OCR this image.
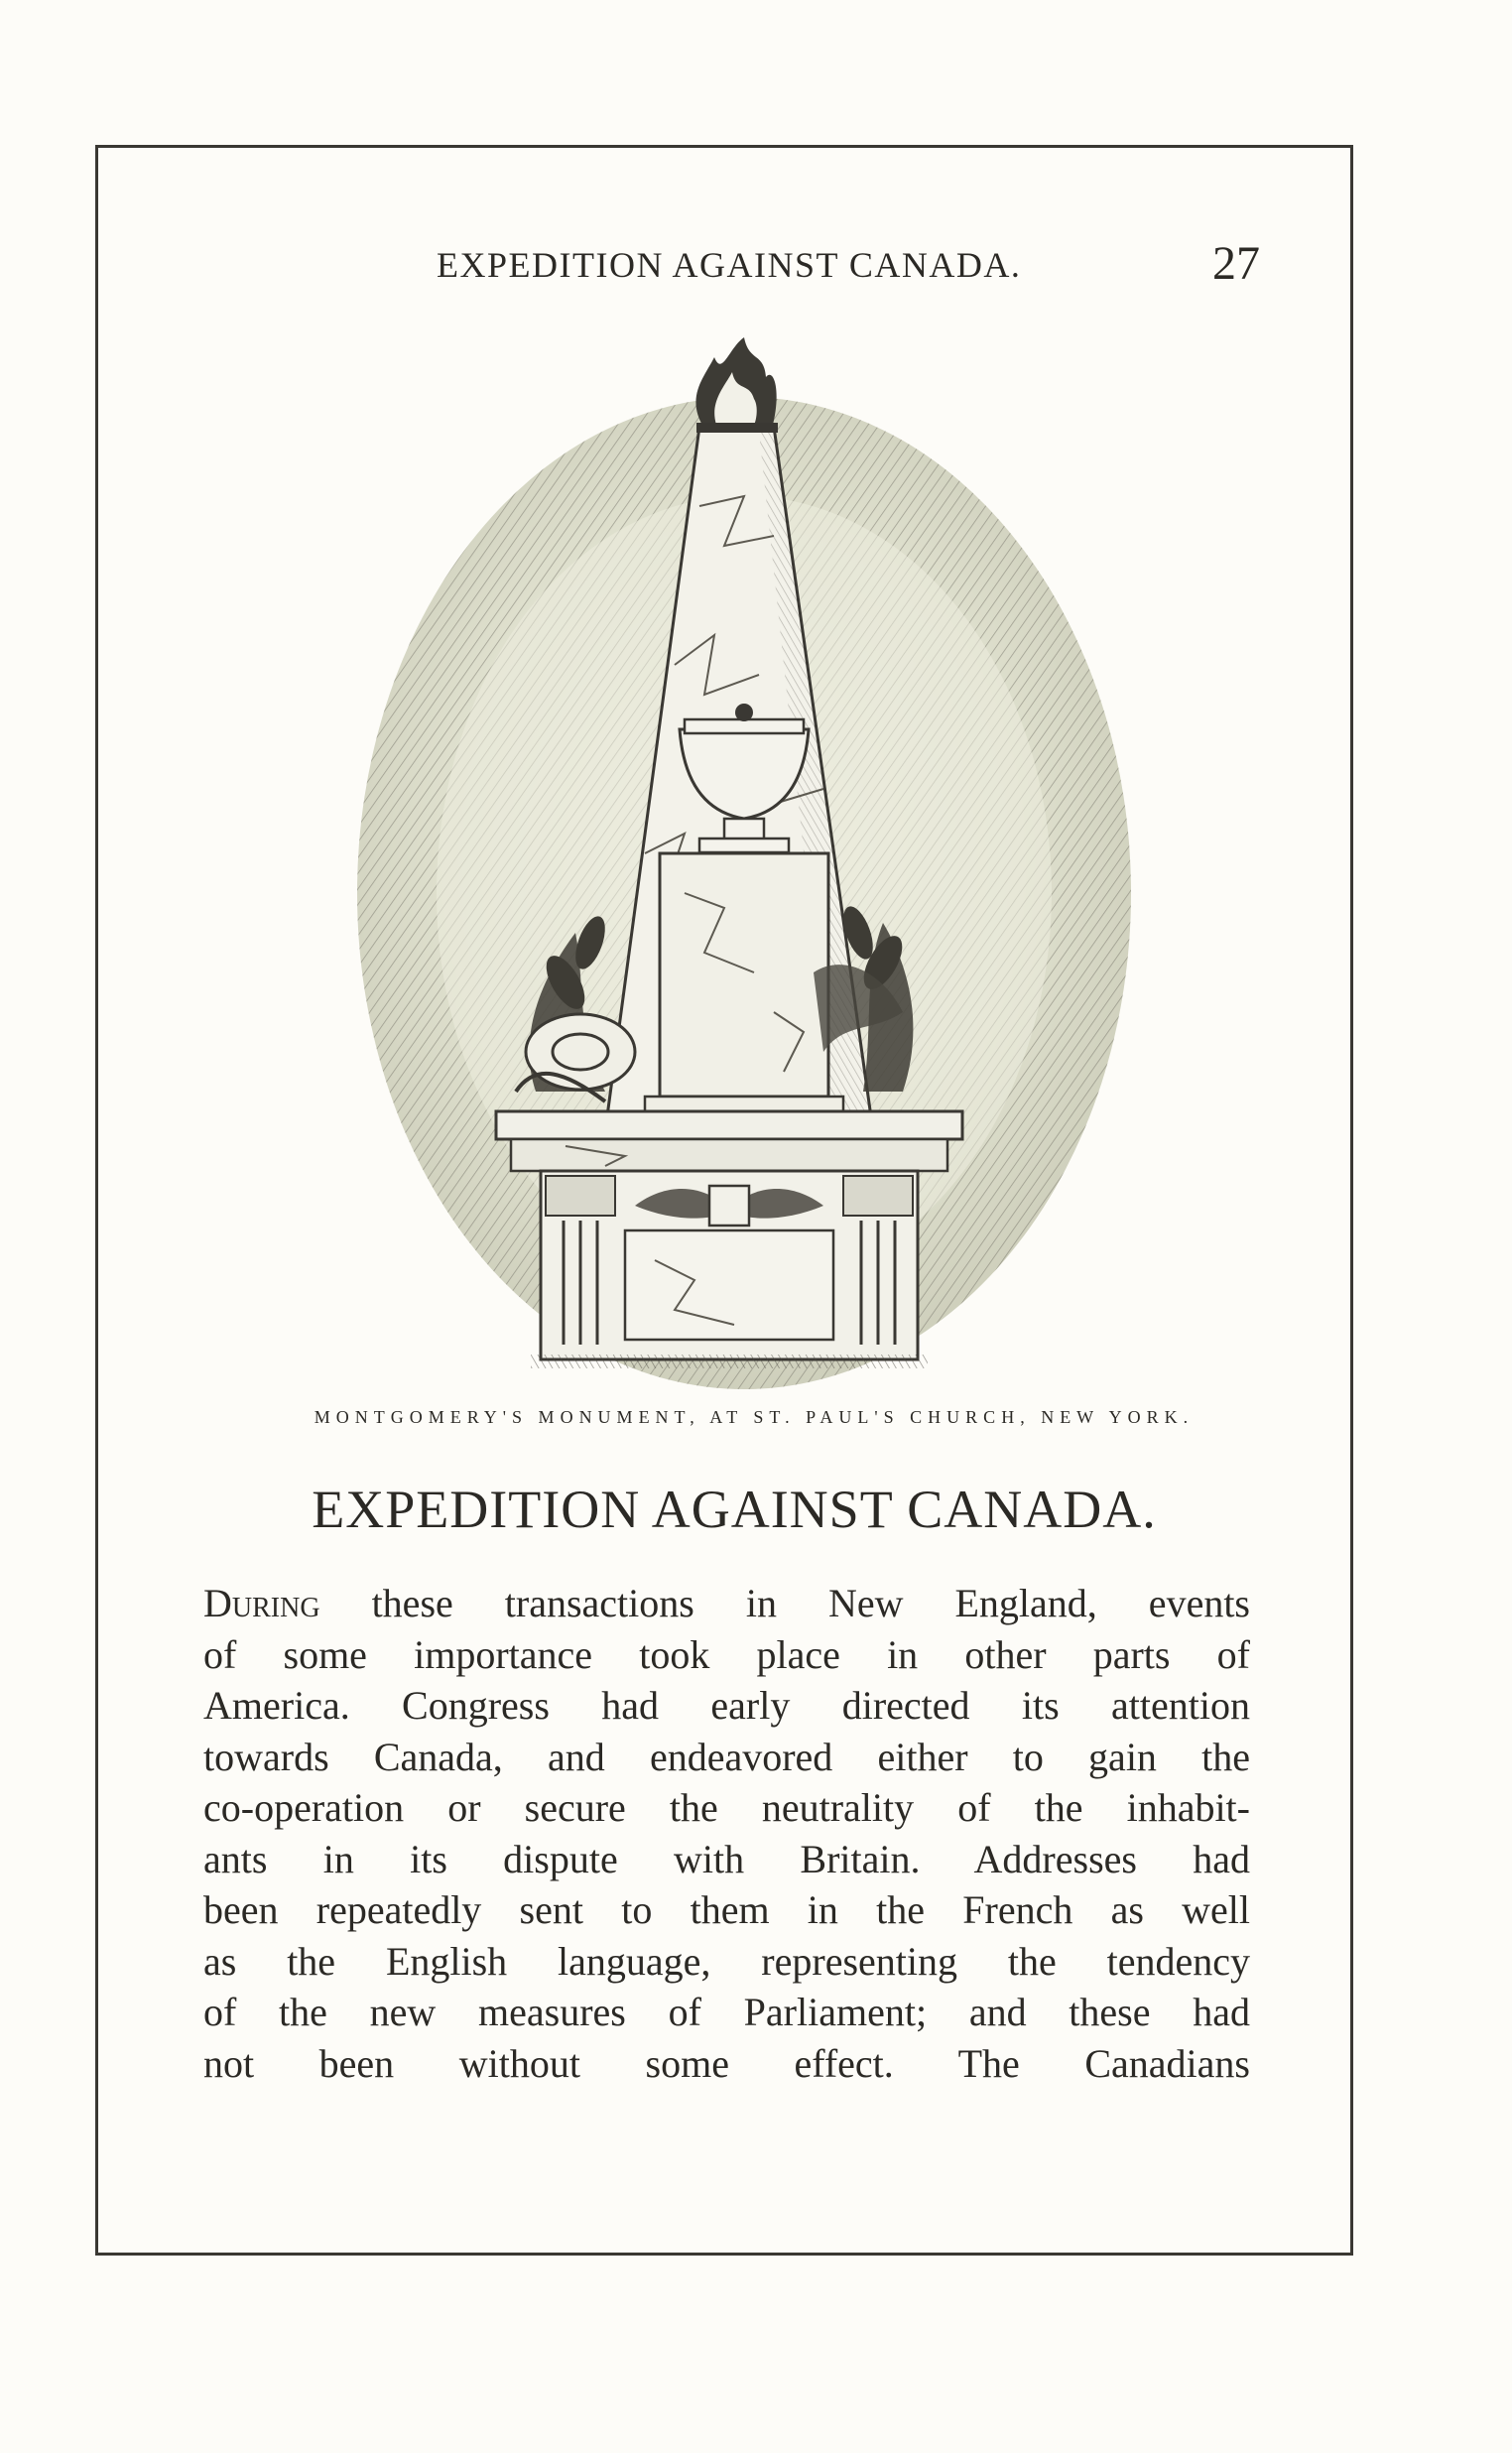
EXPEDITION AGAINST CANADA.	27
MONTGOMERY'S MONUMENT, AT ST. PAUL'S CHURCH, NEW YORK.
EXPEDITION AGAINST CANADA.
During these transactions in New England, events
of some importance took place in other parts of
America. Congress had early directed its attention
towards Canada, and endeavored either to gain the
co-operation or secure the neutrality of the inhabit-
ants in its dispute with Britain. Addresses had
been repeatedly sent to them in the French as well
as the English language, representing the tendency
of the new measures of Parliament; and these had
not been without some effect. The Canadians
